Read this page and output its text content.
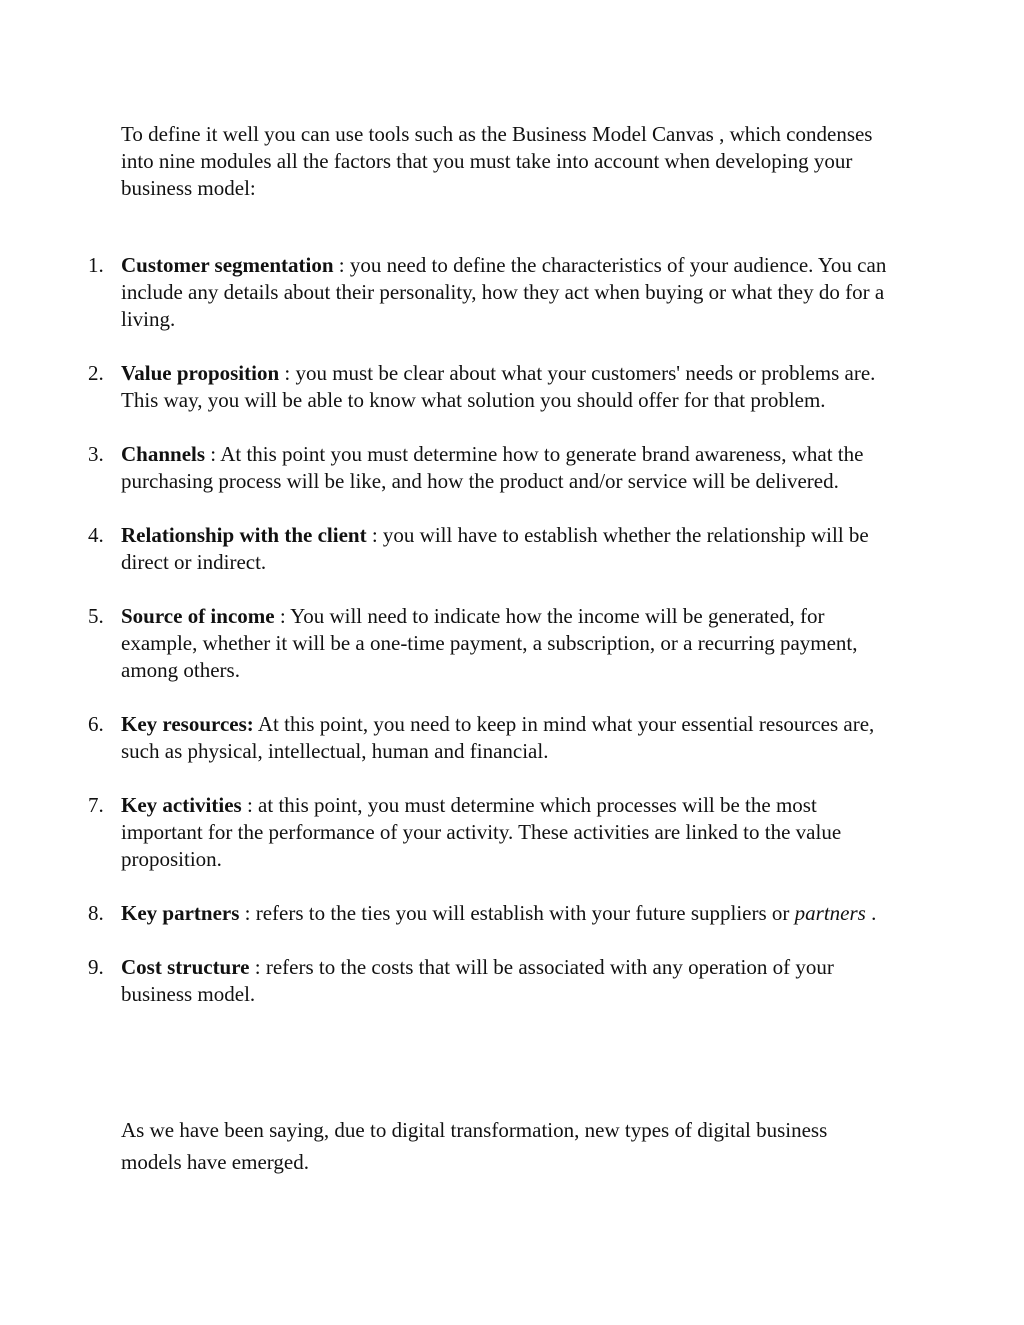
To define it well you can use tools such as the Business Model Canvas , which condenses into nine modules all the factors that you must take into account when developing your business model:

1. Customer segmentation : you need to define the characteristics of your audience. You can include any details about their personality, how they act when buying or what they do for a living.
2. Value proposition : you must be clear about what your customers' needs or problems are. This way, you will be able to know what solution you should offer for that problem.
3. Channels : At this point you must determine how to generate brand awareness, what the purchasing process will be like, and how the product and/or service will be delivered.
4. Relationship with the client : you will have to establish whether the relationship will be direct or indirect.
5. Source of income : You will need to indicate how the income will be generated, for example, whether it will be a one-time payment, a subscription, or a recurring payment, among others.
6. Key resources: At this point, you need to keep in mind what your essential resources are, such as physical, intellectual, human and financial.
7. Key activities : at this point, you must determine which processes will be the most important for the performance of your activity. These activities are linked to the value proposition.
8. Key partners : refers to the ties you will establish with your future suppliers or partners .
9. Cost structure : refers to the costs that will be associated with any operation of your business model.

As we have been saying, due to digital transformation, new types of digital business models have emerged.
